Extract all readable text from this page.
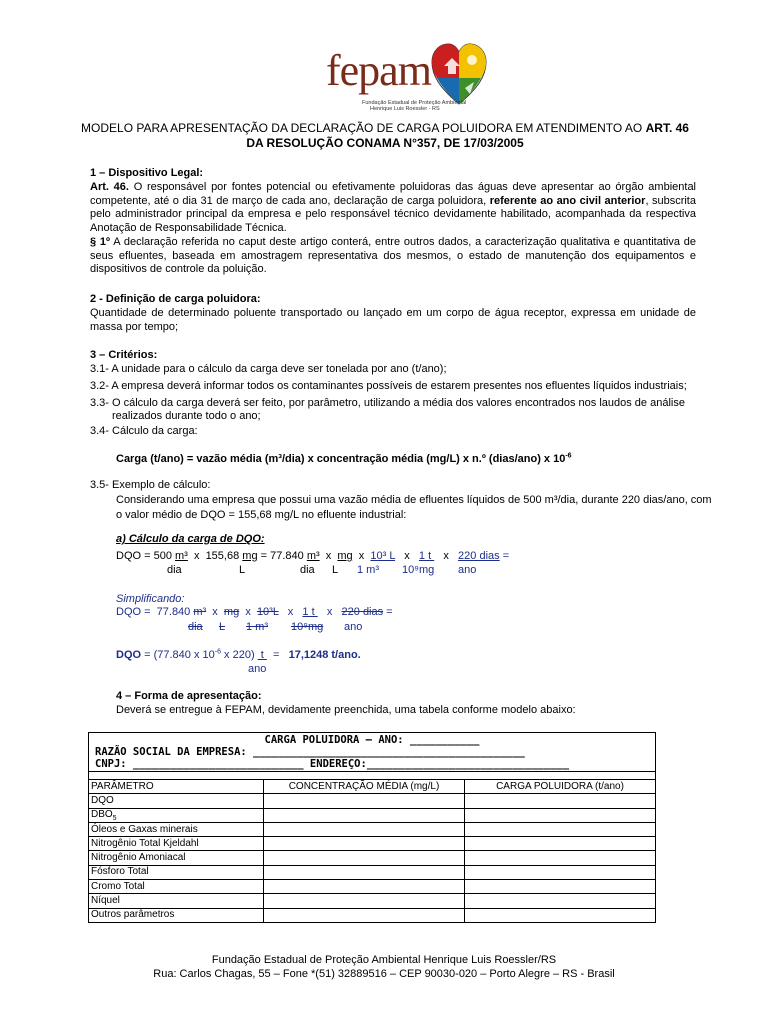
fepam
Fundação Estadual de Proteção Ambiental
Henrique Luis Roessler - RS
MODELO PARA APRESENTAÇÃO DA DECLARAÇÃO DE CARGA POLUIDORA EM ATENDIMENTO AO ART. 46
DA RESOLUÇÃO CONAMA N°357, DE 17/03/2005
1 – Dispositivo Legal:
Art. 46. O responsável por fontes potencial ou efetivamente poluidoras das águas deve apresentar ao órgão ambiental competente, até o dia 31 de março de cada ano, declaração de carga poluidora, referente ao ano civil anterior, subscrita pelo administrador principal da empresa e pelo responsável técnico devidamente habilitado, acompanhada da respectiva Anotação de Responsabilidade Técnica.
§ 1º A declaração referida no caput deste artigo conterá, entre outros dados, a caracterização qualitativa e quantitativa de seus efluentes, baseada em amostragem representativa dos mesmos, o estado de manutenção dos equipamentos e dispositivos de controle da poluição.
2 - Definição de carga poluidora:
Quantidade de determinado poluente transportado ou lançado em um corpo de água receptor, expressa em unidade de massa por tempo;
3 – Critérios:
3.1- A unidade para o cálculo da carga deve ser tonelada por ano (t/ano);
3.2- A empresa deverá informar todos os contaminantes possíveis de estarem presentes nos efluentes líquidos industriais;
3.3- O cálculo da carga deverá ser feito, por parâmetro, utilizando a média dos valores encontrados nos laudos de análise
realizados durante todo o ano;
3.4- Cálculo da carga:
Carga (t/ano) = vazão média (m³/dia) x concentração média (mg/L) x n.º (dias/ano) x $10^{-6}$
3.5- Exemplo de cálculo:
Considerando uma empresa que possui uma vazão média de efluentes líquidos de 500 m³/dia, durante 220 dias/ano, com
o valor médio de DQO = 155,68 mg/L no efluente industrial:
a) Cálculo da carga de DQO:
DQO = 500 m³  x  155,68 mg = 77.840 m³  x  mg  x  10³ L   x   1 t    x   220 dias =
dia	L	dia L 1 m³ 10⁹mg ano
Simplificando:
DQO =  77.840 m³  x  mg  x  10³L   x   1 t    x   220 dias =
dia L 1 m³ 10⁹mg ano
DQO = (77.840 x $10^{-6}$ x 220)  t   =   17,1248 t/ano.
ano
4 – Forma de apresentação:
Deverá se entregue à FEPAM, devidamente preenchida, uma tabela conforme modelo abaixo:
CARGA POLUIDORA – ANO: ___________
RAZÃO SOCIAL DA EMPRESA: ___________________________________________
CNPJ: ___________________________ ENDEREÇO:________________________________		

PARÂMETRO	CONCENTRAÇÃO MÉDIA (mg/L)	CARGA POLUIDORA (t/ano)
DQO		
$DBO_5$		
Óleos e Gaxas minerais		
Nitrogênio Total Kjeldahl		
Nitrogênio Amoniacal		
Fósforo Total		
Cromo Total		
Níquel		
Outros parâmetros		
Fundação Estadual de Proteção Ambiental Henrique Luis Roessler/RS
Rua: Carlos Chagas, 55 – Fone *(51) 32889516 – CEP 90030-020 – Porto Alegre – RS - Brasil
